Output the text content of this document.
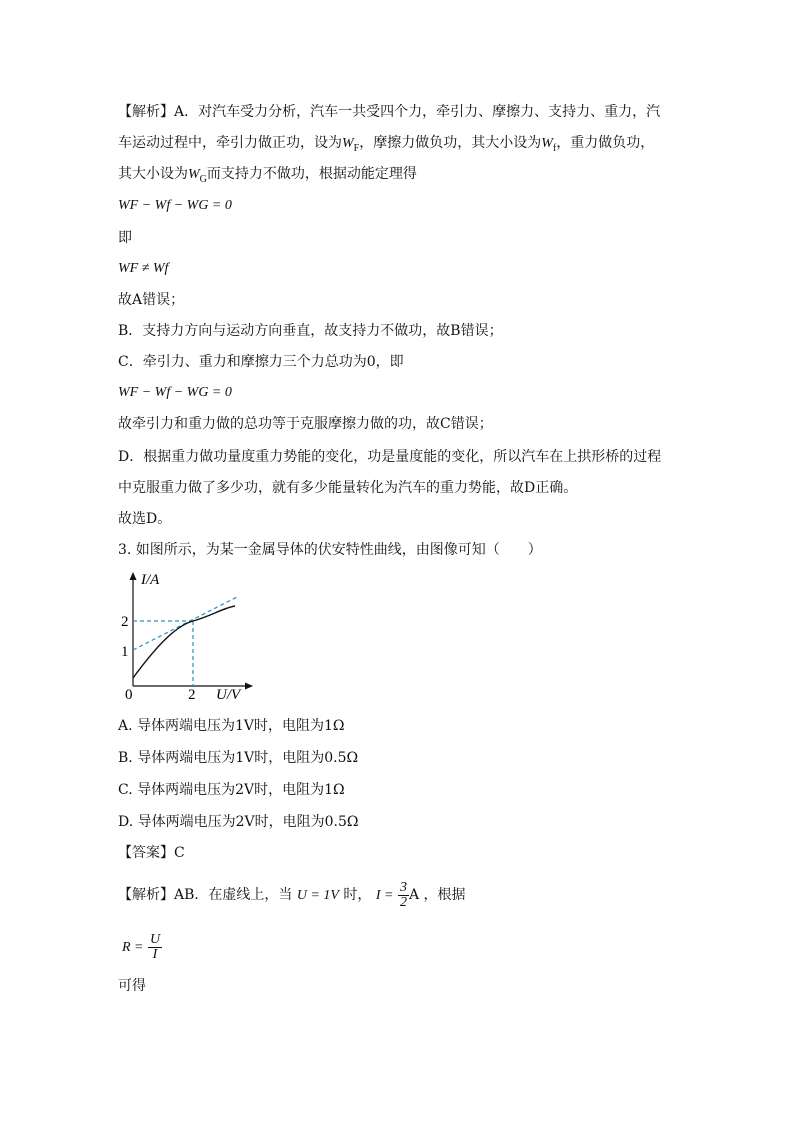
【解析】A．对汽车受力分析，汽车一共受四个力，牵引力、摩擦力、支持力、重力，汽
车运动过程中，牵引力做正功，设为$W_F$，摩擦力做负功，其大小设为$W_f$，重力做负功，
其大小设为$W_G$而支持力不做功，根据动能定理得
WF − Wf − WG = 0
即
WF ≠ Wf
故A错误；
B．支持力方向与运动方向垂直，故支持力不做功，故B错误；
C．牵引力、重力和摩擦力三个力总功为0，即
WF − Wf − WG = 0
故牵引力和重力做的总功等于克服摩擦力做的功，故C错误；
D．根据重力做功量度重力势能的变化，功是量度能的变化，所以汽车在上拱形桥的过程
中克服重力做了多少功，就有多少能量转化为汽车的重力势能，故D正确。
故选D。
3. 如图所示，为某一金属导体的伏安特性曲线，由图像可知（　　）
I/A
U/V
0
2
1
2
A. 导体两端电压为1V时，电阻为1Ω
B. 导体两端电压为1V时，电阻为0.5Ω
C. 导体两端电压为2V时，电阻为1Ω
D. 导体两端电压为2V时，电阻为0.5Ω
【答案】C
【解析】AB．在虚线上，当 U = 1V 时， $I = \frac{3}{2}$ A ，根据
$R = \frac{U}{I}$
可得
